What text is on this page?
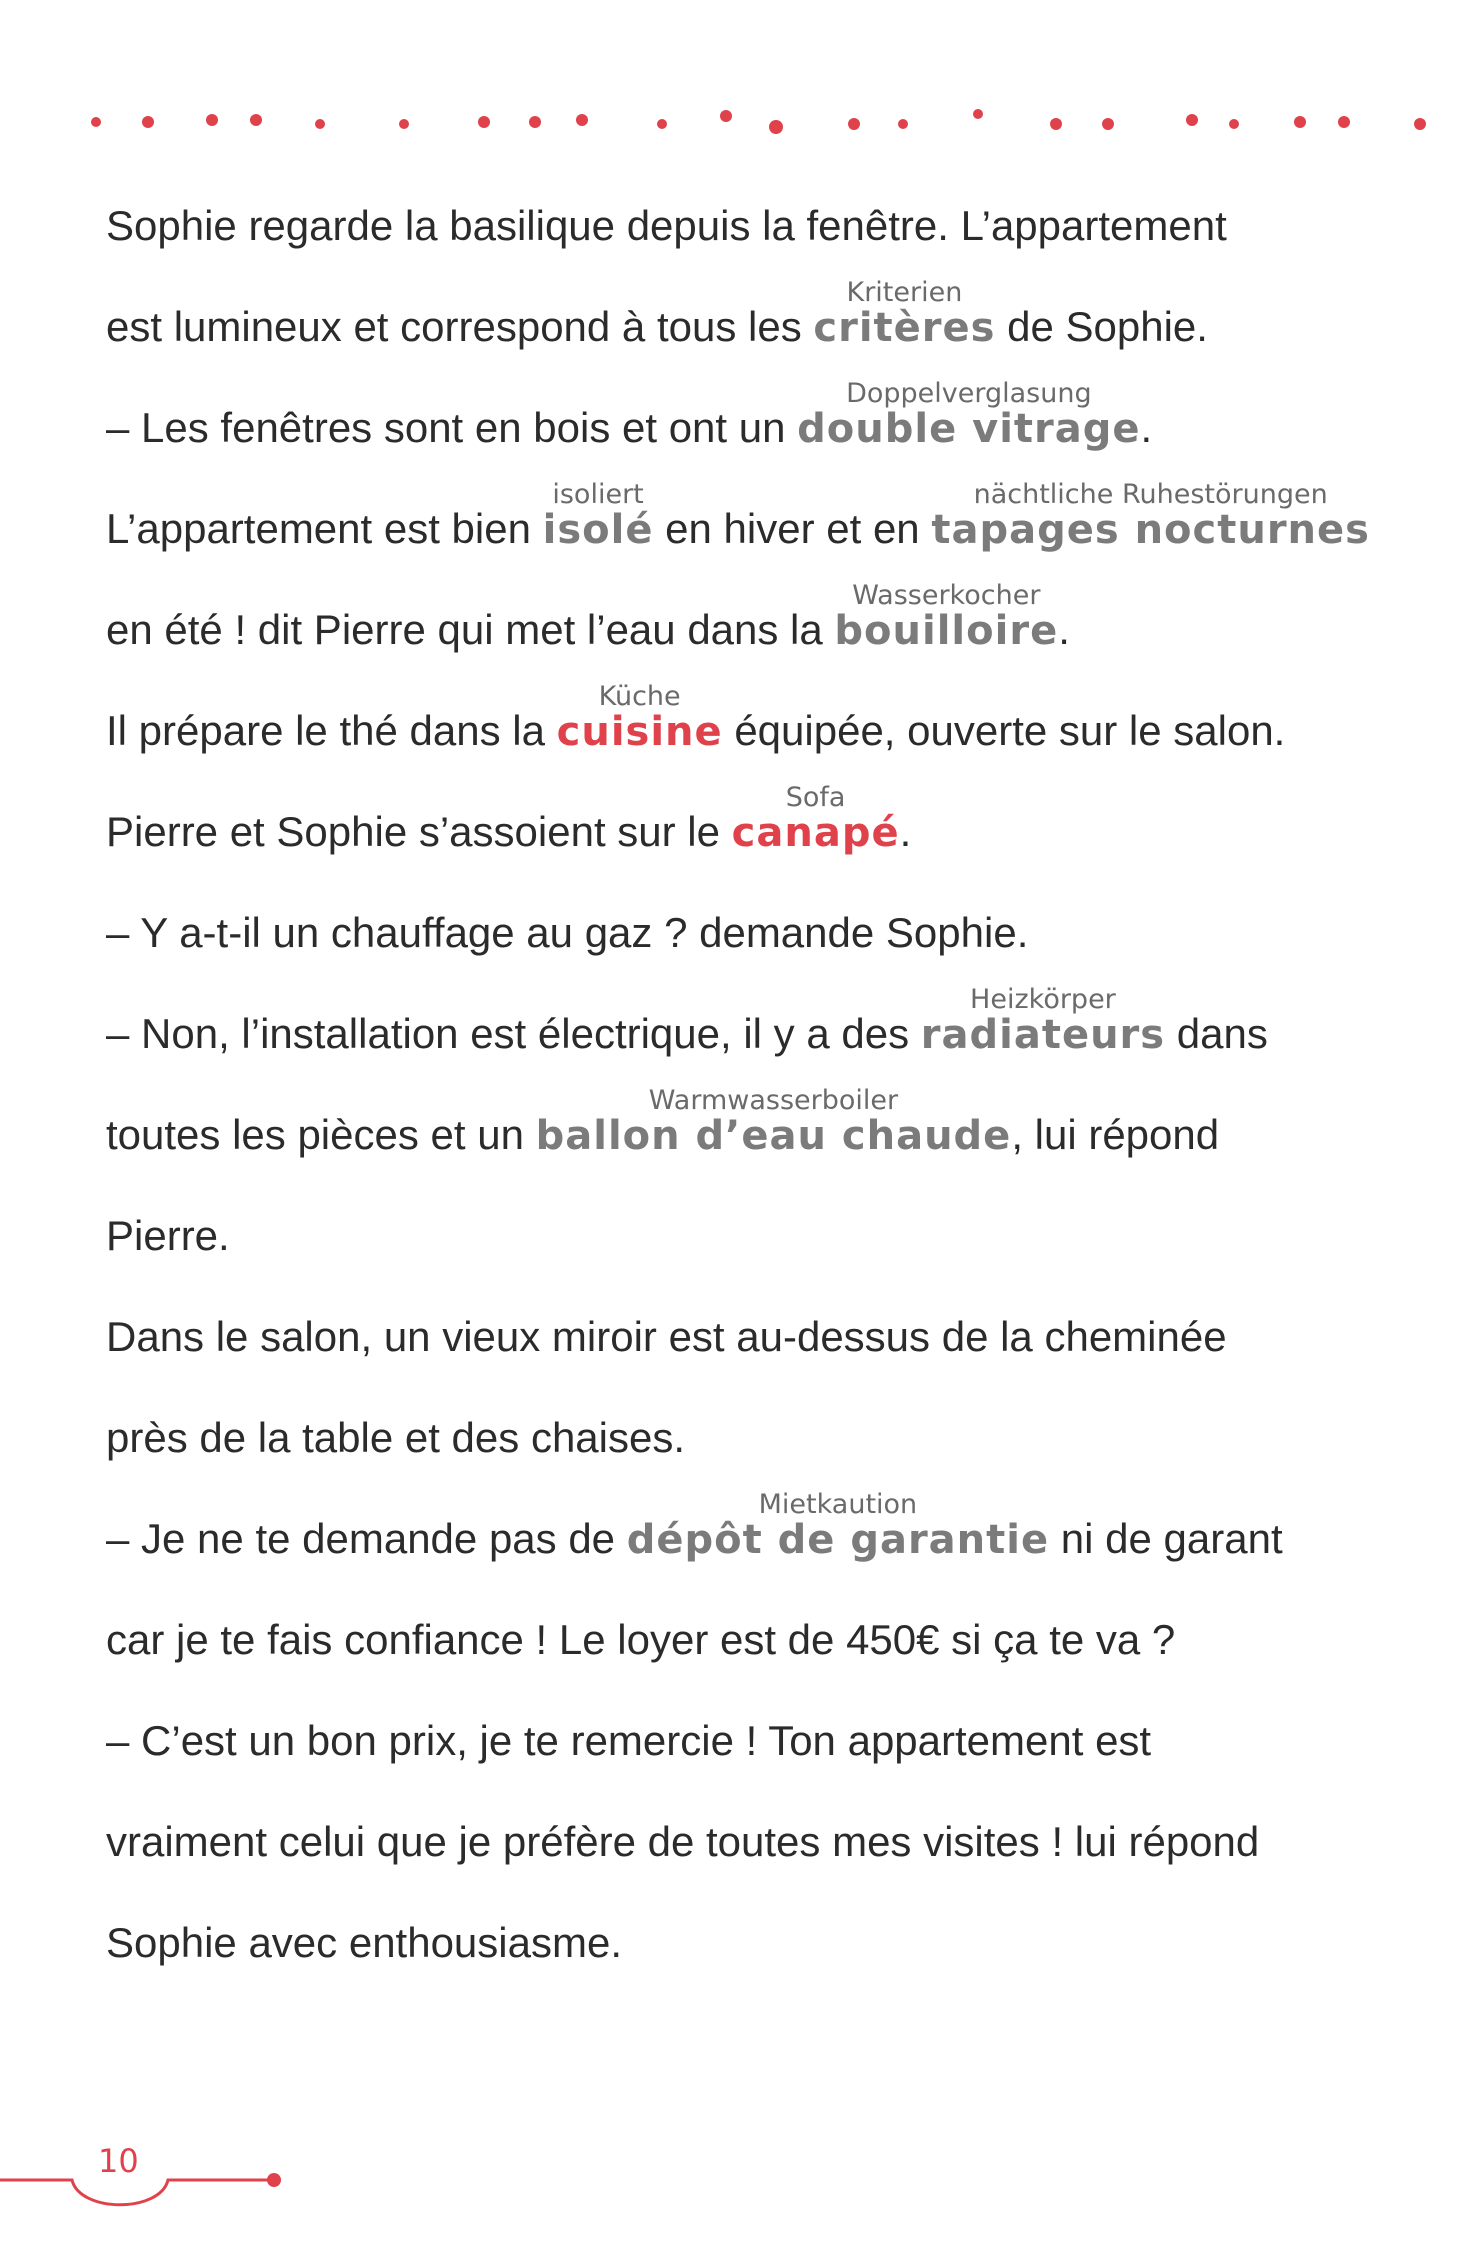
Sophie regarde la basilique depuis la fenêtre. L’appartement
est lumineux et correspond à tous les
Kriterien
critères de Sophie.
– Les fenêtres sont en bois et ont un
Doppelverglasung
double vitrage.
L’appartement est bien
isoliert
isolé en hiver et en
nächtliche Ruhestörungen
tapages nocturnes
en été ! dit Pierre qui met l’eau dans la
Wasserkocher
bouilloire.
Il prépare le thé dans la
Küche
cuisine équipée, ouverte sur le salon.
Pierre et Sophie s’assoient sur le
Sofa
canapé.
– Y a-t-il un chauffage au gaz ? demande Sophie.
– Non, l’installation est électrique, il y a des
Heizkörper
radiateurs dans
toutes les pièces et un
Warmwasserboiler
ballon d’eau chaude, lui répond
Pierre.
Dans le salon, un vieux miroir est au-dessus de la cheminée
près de la table et des chaises.
– Je ne te demande pas de
Mietkaution
dépôt de garantie ni de garant
car je te fais confiance ! Le loyer est de 450€ si ça te va ?
– C’est un bon prix, je te remercie ! Ton appartement est
vraiment celui que je préfère de toutes mes visites ! lui répond
Sophie avec enthousiasme.
10
